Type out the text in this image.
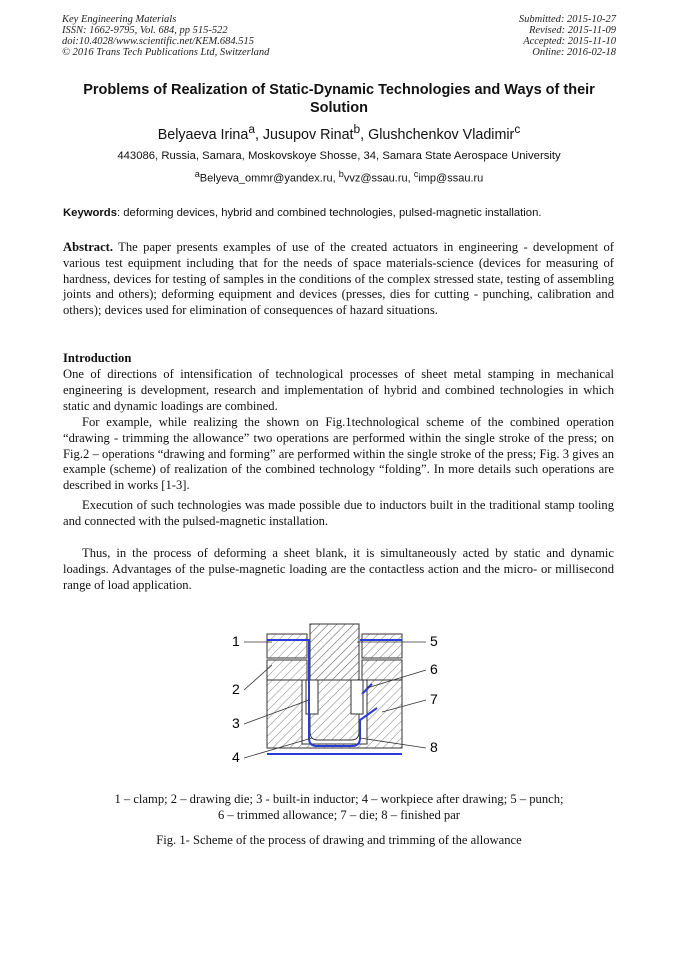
Key Engineering Materials
ISSN: 1662-9795, Vol. 684, pp 515-522
doi:10.4028/www.scientific.net/KEM.684.515
© 2016 Trans Tech Publications Ltd, Switzerland
Submitted: 2015-10-27
Revised: 2015-11-09
Accepted: 2015-11-10
Online: 2016-02-18
Problems of Realization of Static-Dynamic Technologies and Ways of their Solution
Belyaeva Irina$^a$, Jusupov Rinat$^b$, Glushchenkov Vladimir$^c$
443086, Russia, Samara, Moskovskoye Shosse, 34, Samara State Aerospace University
$^a$Belyeva_ommr@yandex.ru, $^b$vvz@ssau.ru, $^c$imp@ssau.ru
Keywords: deforming devices, hybrid and combined technologies, pulsed-magnetic installation.
Abstract. The paper presents examples of use of the created actuators in engineering - development of various test equipment including that for the needs of space materials-science (devices for measuring of hardness, devices for testing of samples in the conditions of the complex stressed state, testing of assembling joints and others); deforming equipment and devices (presses, dies for cutting - punching, calibration and others); devices used for elimination of consequences of hazard situations.
Introduction
One of directions of intensification of technological processes of sheet metal stamping in mechanical engineering is development, research and implementation of hybrid and combined technologies in which static and dynamic loadings are combined.
For example, while realizing the shown on Fig.1technological scheme of the combined operation “drawing - trimming the allowance” two operations are performed within the single stroke of the press; on Fig.2 – operations “drawing and forming” are performed within the single stroke of the press; Fig. 3 gives an example (scheme) of realization of the combined technology “folding”. In more details such operations are described in works [1-3].
Execution of such technologies was made possible due to inductors built in the traditional stamp tooling and connected with the pulsed-magnetic installation.
Thus, in the process of deforming a sheet blank, it is simultaneously acted by static and dynamic loadings. Advantages of the pulse-magnetic loading are the contactless action and the micro- or millisecond range of load application.
1
2
3
4
5
6
7
8
1 – clamp; 2 – drawing die; 3 - built-in inductor; 4 – workpiece after drawing; 5 – punch;
6 – trimmed allowance; 7 – die; 8 – finished par
Fig. 1- Scheme of the process of drawing and trimming of the allowance
